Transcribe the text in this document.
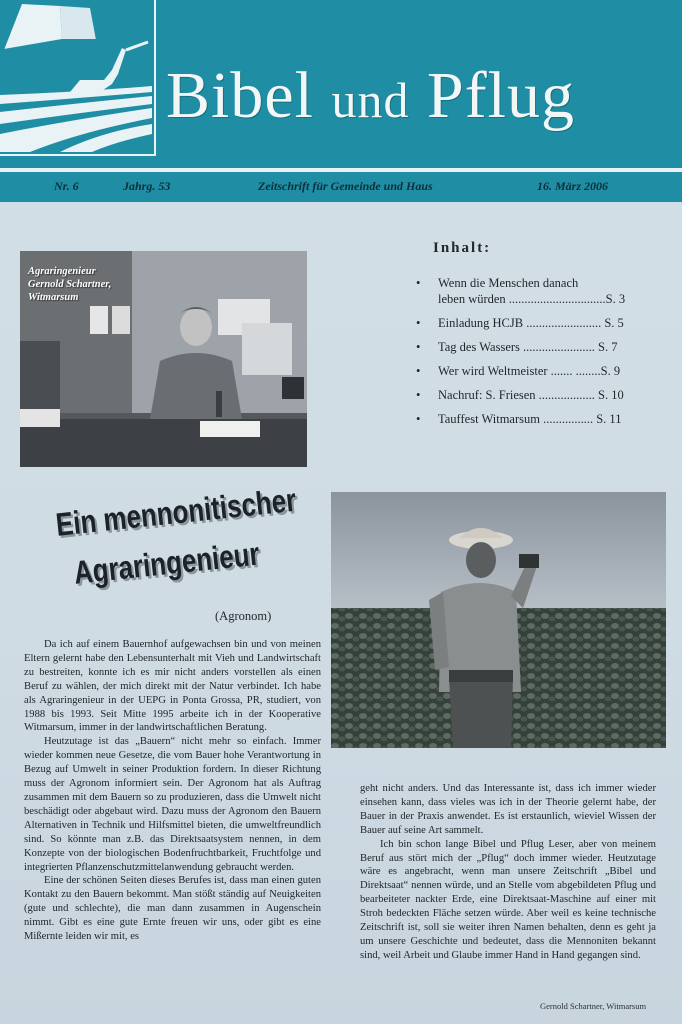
Bibel und Pflug
Nr. 6	Jahrg. 53	Zeitschrift für Gemeinde und Haus	16. März 2006
Agraringenieur
Gernold Schartner,
Witmarsum
Inhalt:
• Wenn die Menschen danach
leben würden ...............................S. 3
• Einladung HCJB ........................ S. 5
• Tag des Wassers ....................... S. 7
• Wer wird Weltmeister ....... ........S. 9
• Nachruf: S. Friesen .................. S. 10
• Tauffest Witmarsum ................ S. 11
Ein mennonitischer
Agraringenieur
(Agronom)

Da ich auf einem Bauernhof aufgewachsen bin und von meinen Eltern gelernt habe den Lebensunterhalt mit Vieh und Landwirtschaft zu bestreiten, konnte ich es mir nicht anders vorstellen als einen Beruf zu wählen, der mich direkt mit der Natur verbindet. Ich habe als Agraringenieur in der UEPG in Ponta Grossa, PR, studiert, von 1988 bis 1993. Seit Mitte 1995 arbeite ich in der Kooperative Witmarsum, immer in der landwirtschaftlichen Beratung.

Heutzutage ist das „Bauern“ nicht mehr so einfach. Immer wieder kommen neue Gesetze, die vom Bauer hohe Verantwortung in Bezug auf Umwelt in seiner Produktion fordern. In dieser Richtung muss der Agronom informiert sein. Der Agronom hat als Auftrag zusammen mit dem Bauern so zu produzieren, dass die Umwelt nicht beschädigt oder abgebaut wird. Dazu muss der Agronom den Bauern Alternativen in Technik und Hilfsmittel bieten, die umweltfreundlich sind. So könnte man z.B. das Direktsaatsystem nennen, in dem Konzepte von der biologischen Bodenfruchtbarkeit, Fruchtfolge und integrierten Pflanzenschutzmittelanwendung gebraucht werden.

Eine der schönen Seiten dieses Berufes ist, dass man einen guten Kontakt zu den Bauern bekommt. Man stößt ständig auf Neuigkeiten (gute und schlechte), die man dann zusammen in Augenschein nimmt. Gibt es eine gute Ernte freuen wir uns, oder gibt es eine Mißernte leiden wir mit, es

geht nicht anders. Und das Interessante ist, dass ich immer wieder einsehen kann, dass vieles was ich in der Theorie gelernt habe, der Bauer in der Praxis anwendet. Es ist erstaunlich, wieviel Wissen der Bauer auf seine Art sammelt.

Ich bin schon lange Bibel und Pflug Leser, aber von meinem Beruf aus stört mich der „Pflug“ doch immer wieder. Heutzutage wäre es angebracht, wenn man unsere Zeitschrift „Bibel und Direktsaat“ nennen würde, und an Stelle vom abgebildeten Pflug und bearbeiteter nackter Erde, eine Direktsaat-Maschine auf einer mit Stroh bedeckten Fläche setzen würde. Aber weil es keine technische Zeitschrift ist, soll sie weiter ihren Namen behalten, denn es geht ja um unsere Geschichte und bedeutet, dass die Mennoniten bekannt sind, weil Arbeit und Glaube immer Hand in Hand gegangen sind.

Gernold Schartner, Witmarsum
